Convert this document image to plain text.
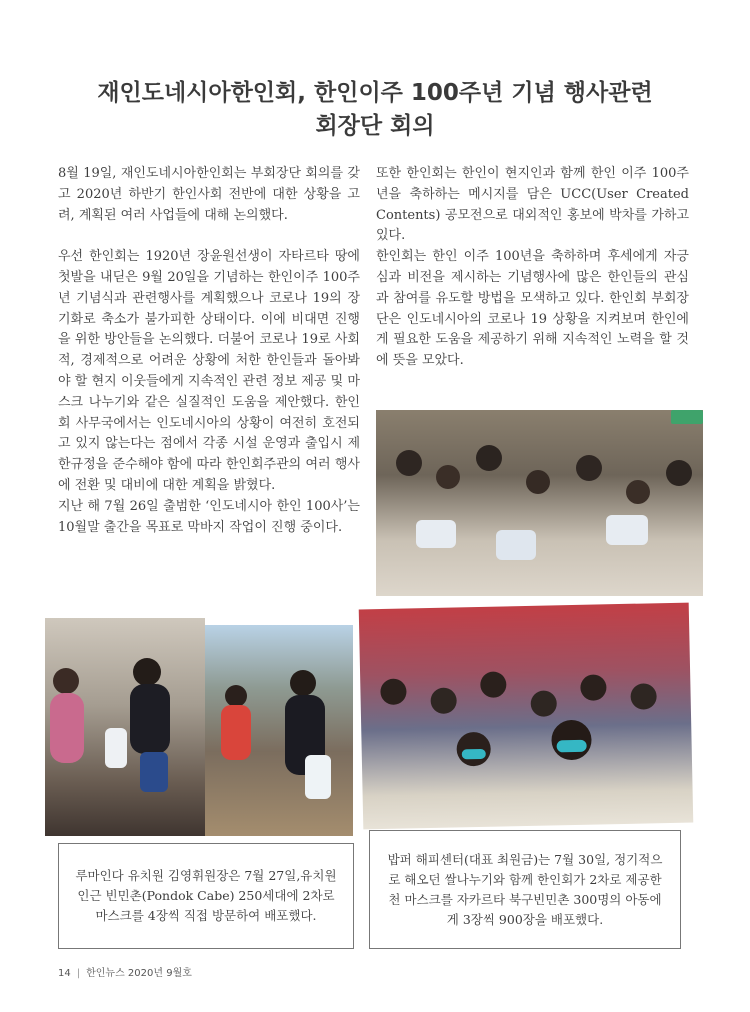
재인도네시아한인회, 한인이주 100주년 기념 행사관련
회장단 회의

8월 19일, 재인도네시아한인회는 부회장단 회의를 갖고 2020년 하반기 한인사회 전반에 대한 상황을 고려, 계획된 여러 사업들에 대해 논의했다.

우선 한인회는 1920년 장윤원선생이 자타르타 땅에 첫발을 내딛은 9월 20일을 기념하는 한인이주 100주년 기념식과 관련행사를 계획했으나 코로나 19의 장기화로 축소가 불가피한 상태이다. 이에 비대면 진행을 위한 방안들을 논의했다. 더불어 코로나 19로 사회적, 경제적으로 어려운 상황에 처한 한인들과 돌아봐야 할 현지 이웃들에게 지속적인 관련 정보 제공 및 마스크 나누기와 같은 실질적인 도움을 제안했다. 한인회 사무국에서는 인도네시아의 상황이 여전히 호전되고 있지 않는다는 점에서 각종 시설 운영과 출입시 제한규정을 준수해야 함에 따라 한인회주관의 여러 행사에 전환 및 대비에 대한 계획을 밝혔다.

지난 해 7월 26일 출범한 ‘인도네시아 한인 100사’는 10월말 출간을 목표로 막바지 작업이 진행 중이다.

또한 한인회는 한인이 현지인과 함께 한인 이주 100주년을 축하하는 메시지를 담은 UCC(User Created Contents) 공모전으로 대외적인 홍보에 박차를 가하고 있다.

한인회는 한인 이주 100년을 축하하며 후세에게 자긍심과 비전을 제시하는 기념행사에 많은 한인들의 관심과 참여를 유도할 방법을 모색하고 있다. 한인회 부회장단은 인도네시아의 코로나 19 상황을 지켜보며 한인에게 필요한 도움을 제공하기 위해 지속적인 노력을 할 것에 뜻을 모았다.

루마인다 유치원 김영휘원장은 7월 27일,유치원 인근 빈민촌(Pondok Cabe) 250세대에 2차로 마스크를 4장씩 직접 방문하여 배포했다.

밥퍼 해피센터(대표 최원금)는 7월 30일, 정기적으로 해오던 쌀나누기와 함께 한인회가 2차로 제공한 천 마스크를 자카르타 북구빈민촌 300명의 아동에게 3장씩 900장을 배포했다.

14 | 한인뉴스 2020년 9월호
